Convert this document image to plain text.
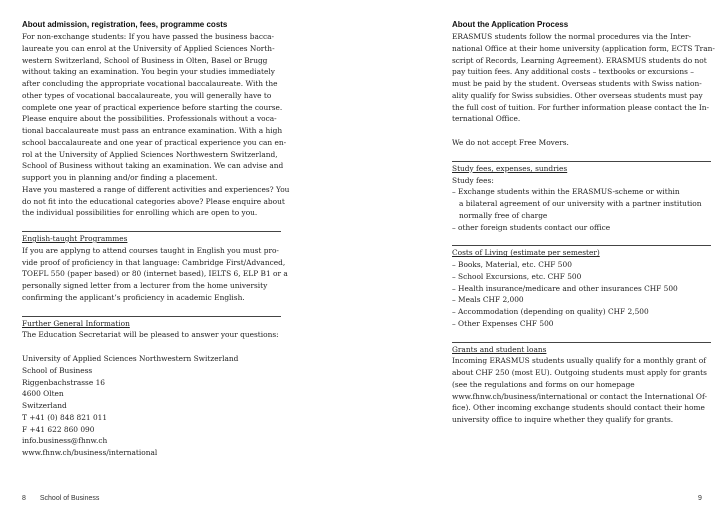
About admission, registration, fees, programme costs

For non-exchange students: If you have passed the business bacca-

laureate you can enrol at the University of Applied Sciences North-

western Switzerland, School of Business in Olten, Basel or Brugg

without taking an examination. You begin your studies immediately

after concluding the appropriate vocational baccalaureate. With the

other types of vocational baccalaureate, you will generally have to

complete one year of practical experience before starting the course.

Please enquire about the possibilities. Professionals without a voca-

tional baccalaureate must pass an entrance examination. With a high

school baccalaureate and one year of practical experience you can en-

rol at the University of Applied Sciences Northwestern Switzerland,

School of Business without taking an examination. We can advise and

support you in planning and/or finding a placement.

Have you mastered a range of different activities and experiences? You

do not fit into the educational categories above? Please enquire about

the individual possibilities for enrolling which are open to you.

English-taught Programmes

If you are applyng to attend courses taught in English you must pro-

vide proof of proficiency in that language: Cambridge First/Advanced,

TOEFL 550 (paper based) or 80 (internet based), IELTS 6, ELP B1 or a

personally signed letter from a lecturer from the home university

confirming the applicant’s proficiency in academic English.

Further General Information

The Education Secretariat will be pleased to answer your questions:

University of Applied Sciences Northwestern Switzerland

School of Business

Riggenbachstrasse 16

4600 Olten

Switzerland

T +41 (0) 848 821 011

F +41 622 860 090

info.business@fhnw.ch

www.fhnw.ch/business/international

About the Application Process

ERASMUS students follow the normal procedures via the Inter-

national Office at their home university (application form, ECTS Tran-

script of Records, Learning Agreement). ERASMUS students do not

pay tuition fees. Any additional costs – textbooks or excursions –

must be paid by the student. Overseas students with Swiss nation-

ality qualify for Swiss subsidies. Other overseas students must pay

the full cost of tuition. For further information please contact the In-

ternational Office.

We do not accept Free Movers.

Study fees, expenses, sundries

Study fees:

– Exchange students within the ERASMUS-scheme or within

a bilateral agreement of our university with a partner institution

normally free of charge

– other foreign students contact our office

Costs of Living (estimate per semester)

– Books, Material, etc. CHF 500

– School Excursions, etc. CHF 500

– Health insurance/medicare and other insurances CHF 500

– Meals CHF 2,000

– Accommodation (depending on quality) CHF 2,500

– Other Expenses CHF 500

Grants and student loans

Incoming ERASMUS students usually qualify for a monthly grant of

about CHF 250 (most EU). Outgoing students must apply for grants

(see the regulations and forms on our homepage

www.fhnw.ch/business/international or contact the International Of-

fice). Other incoming exchange students should contact their home

university office to inquire whether they qualify for grants.

8 School of Business	9
